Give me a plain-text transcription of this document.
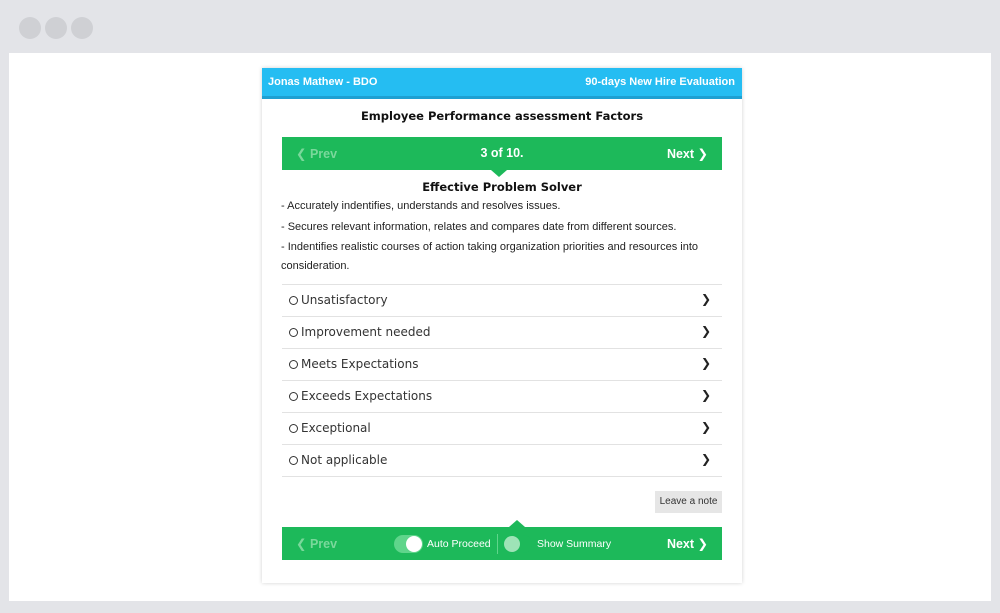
Jonas Mathew - BDO	90-days New Hire Evaluation
Employee Performance assessment Factors
❮ Prev	3 of 10.	Next ❯
Effective Problem Solver
- Accurately indentifies, understands and resolves issues.
- Secures relevant information, relates and compares date from different sources.
- Indentifies realistic courses of action taking organization priorities and resources into consideration.
Unsatisfactory	❯
Improvement needed	❯
Meets Expectations	❯
Exceeds Expectations	❯
Exceptional	❯
Not applicable	❯
Leave a note
❮ Prev	Auto Proceed	Show Summary	Next ❯
